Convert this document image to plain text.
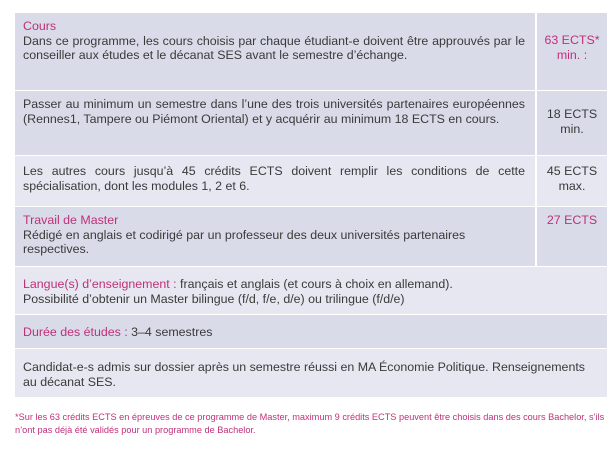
Cours
Dans ce programme, les cours choisis par chaque étudiant-e doivent être approuvés par le conseiller aux études et le décanat SES avant le semestre d’échange.
63 ECTS* min. :
Passer au minimum un semestre dans l’une des trois universités partenaires européennes (Rennes1, Tampere ou Piémont Oriental) et y acquérir au minimum 18 ECTS en cours.	18 ECTS min.
Les autres cours jusqu’à 45 crédits ECTS doivent remplir les conditions de cette spécialisation, dont les modules 1, 2 et 6.
45 ECTS max.
Travail de Master
Rédigé en anglais et codirigé par un professeur des deux universités partenaires respectives.
27 ECTS
Langue(s) d’enseignement : français et anglais (et cours à choix en allemand).
Possibilité d’obtenir un Master bilingue (f/d, f/e, d/e) ou trilingue (f/d/e)
Durée des études : 3–4 semestres
Candidat-e-s admis sur dossier après un semestre réussi en MA Économie Politique. Renseignements au décanat SES.
*Sur les 63 crédits ECTS en épreuves de ce programme de Master, maximum 9 crédits ECTS peuvent être choisis dans des cours Bachelor, s’ils n’ont pas déjà été validés pour un programme de Bachelor.
